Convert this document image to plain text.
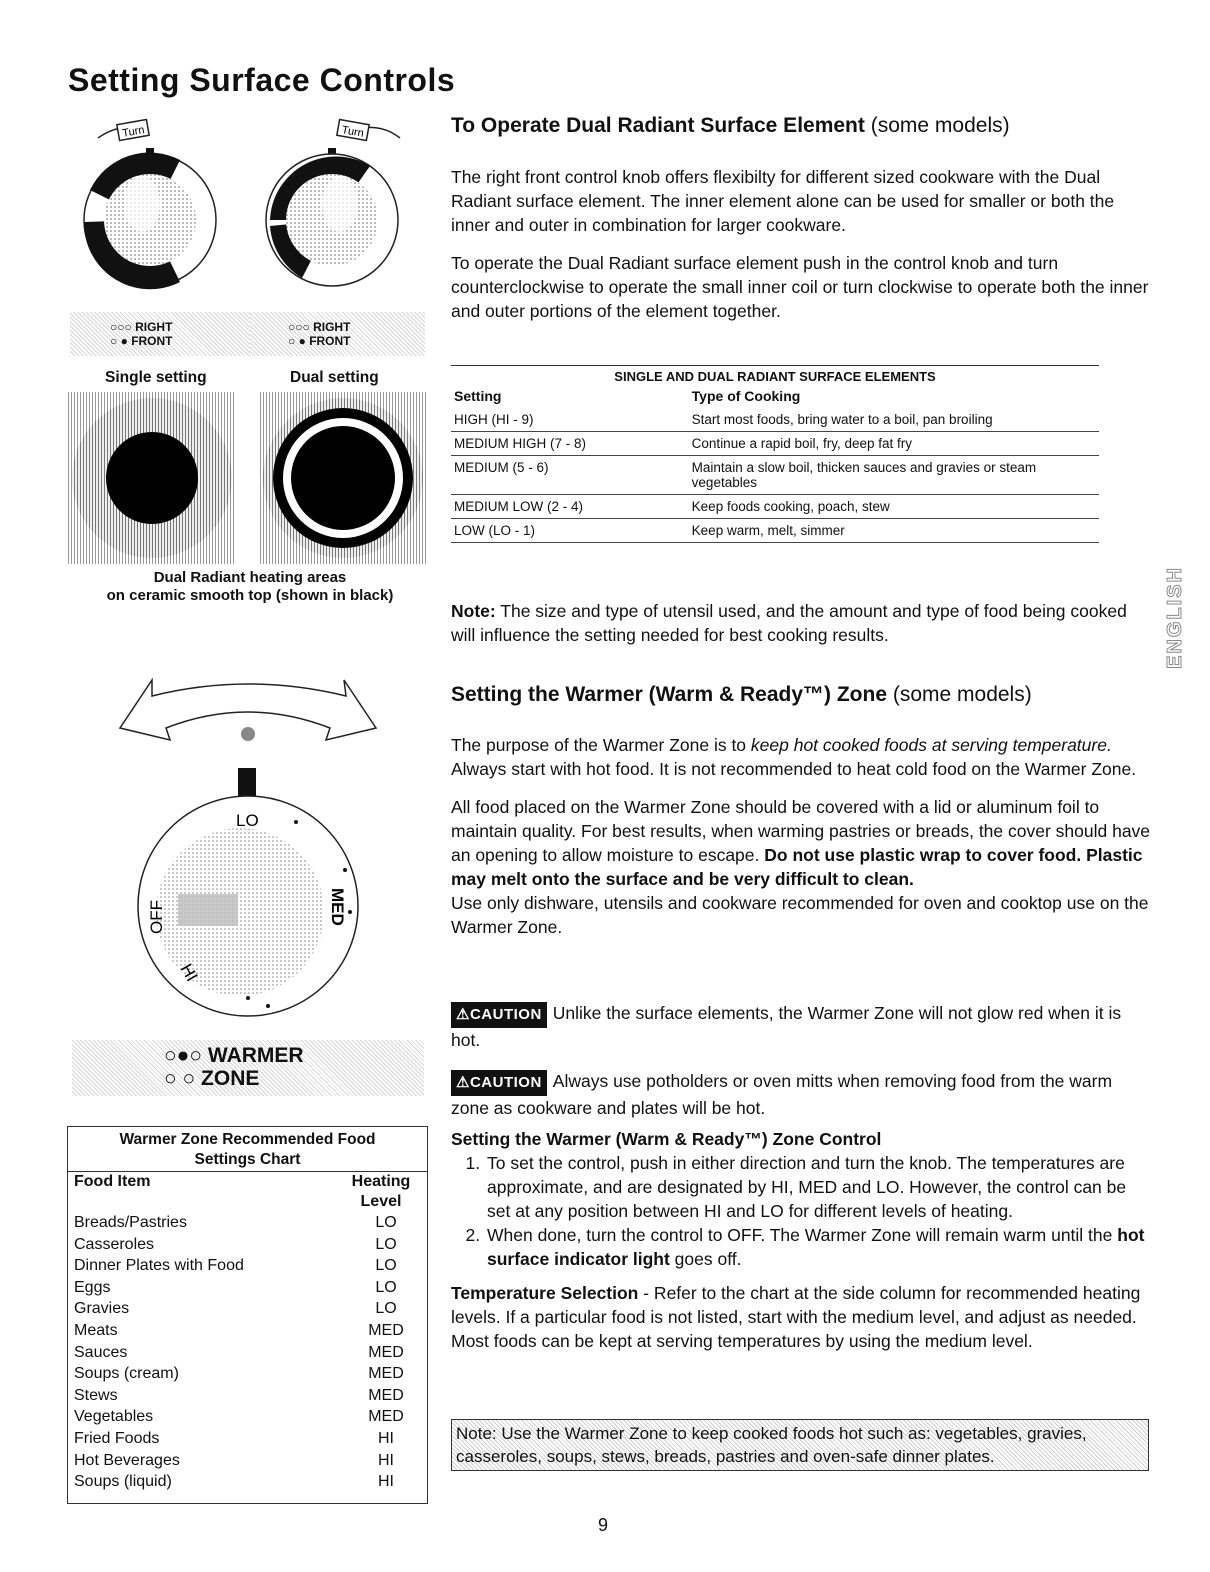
Setting Surface Controls
Turn	Turn
○○○ RIGHT
○ ● FRONT
○○○ RIGHT
○ ● FRONT
Single setting	Dual setting
Dual Radiant heating areas
on ceramic smooth top (shown in black)
LO
OFF	MED
HI
○●○ WARMER
○ ○ ZONE
Warmer Zone Recommended Food
Settings Chart
Food Item	Heating
Level
Breads/Pastries	LO
Casseroles	LO
Dinner Plates with Food	LO
Eggs	LO
Gravies	LO
Meats	MED
Sauces	MED
Soups (cream)	MED
Stews	MED
Vegetables	MED
Fried Foods	HI
Hot Beverages	HI
Soups (liquid)	HI
To Operate Dual Radiant Surface Element (some models)

The right front control knob offers flexibilty for different sized cookware with the Dual Radiant surface element. The inner element alone can be used for smaller or both the inner and outer in combination for larger cookware.

To operate the Dual Radiant surface element push in the control knob and turn counterclockwise to operate the small inner coil or turn clockwise to operate both the inner and outer portions of the element together.

SINGLE AND DUAL RADIANT SURFACE ELEMENTS
Setting	Type of Cooking
HIGH (HI - 9)	Start most foods, bring water to a boil, pan broiling
MEDIUM HIGH (7 - 8)	Continue a rapid boil, fry, deep fat fry
MEDIUM (5 - 6)	Maintain a slow boil, thicken sauces and gravies or steam vegetables
MEDIUM LOW (2 - 4)	Keep foods cooking, poach, stew
LOW (LO - 1)	Keep warm, melt, simmer
Note: The size and type of utensil used, and the amount and type of food being cooked will influence the setting needed for best cooking results.
Setting the Warmer (Warm & Ready™) Zone (some models)

The purpose of the Warmer Zone is to keep hot cooked foods at serving temperature. Always start with hot food. It is not recommended to heat cold food on the Warmer Zone.

All food placed on the Warmer Zone should be covered with a lid or aluminum foil to maintain quality. For best results, when warming pastries or breads, the cover should have an opening to allow moisture to escape. Do not use plastic wrap to cover food. Plastic may melt onto the surface and be very difficult to clean.

Use only dishware, utensils and cookware recommended for oven and cooktop use on the Warmer Zone.

⚠CAUTION Unlike the surface elements, the Warmer Zone will not glow red when it is hot.
⚠CAUTION Always use potholders or oven mitts when removing food from the warm zone as cookware and plates will be hot.
Setting the Warmer (Warm & Ready™) Zone Control
1. To set the control, push in either direction and turn the knob. The temperatures are approximate, and are designated by HI, MED and LO. However, the control can be set at any position between HI and LO for different levels of heating.
2. When done, turn the control to OFF. The Warmer Zone will remain warm until the hot surface indicator light goes off.

Temperature Selection - Refer to the chart at the side column for recommended heating levels. If a particular food is not listed, start with the medium level, and adjust as needed. Most foods can be kept at serving temperatures by using the medium level.

Note: Use the Warmer Zone to keep cooked foods hot such as: vegetables, gravies, casseroles, soups, stews, breads, pastries and oven-safe dinner plates.
ENGLISH
9
